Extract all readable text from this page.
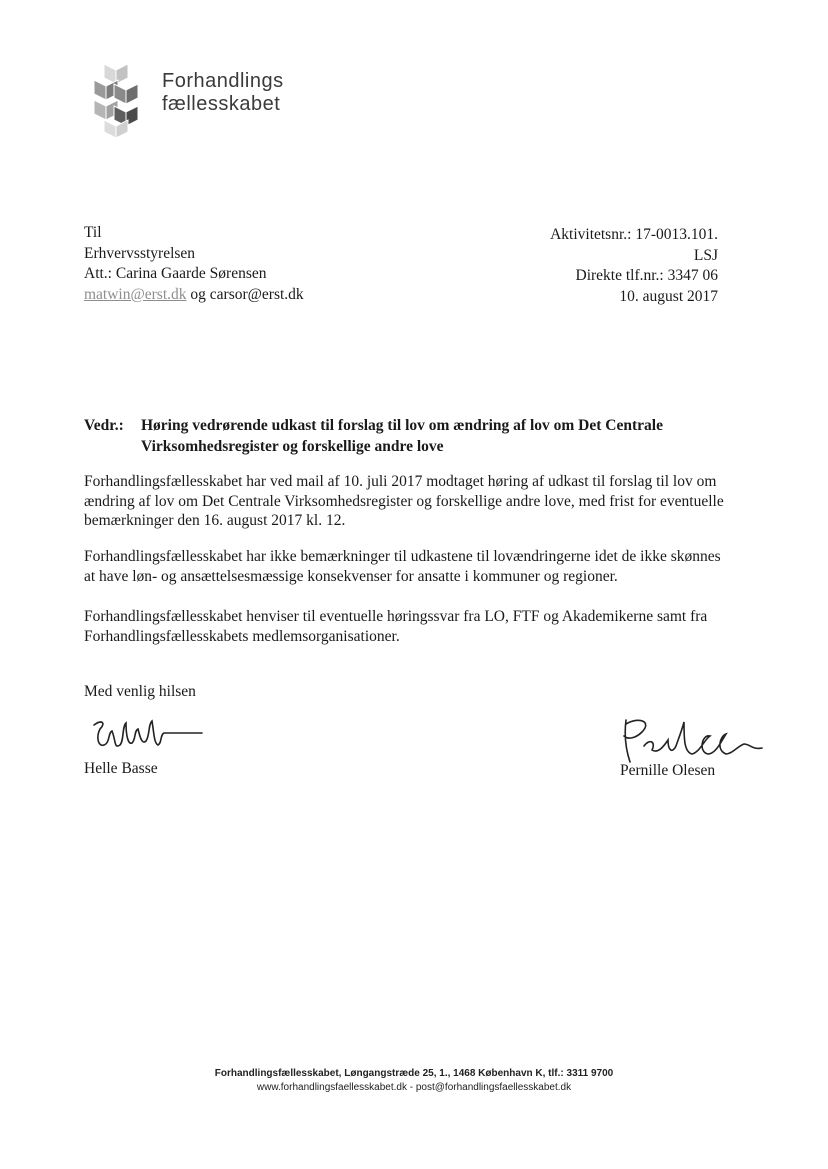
Forhandlings
fællesskabet
Til
Erhvervsstyrelsen
Att.: Carina Gaarde Sørensen
matwin@erst.dk og carsor@erst.dk
Aktivitetsnr.: 17-0013.101.
LSJ
Direkte tlf.nr.: 3347 06
10. august 2017
Vedr.: Høring vedrørende udkast til forslag til lov om ændring af lov om Det Centrale Virksomhedsregister og forskellige andre love
Forhandlingsfællesskabet har ved mail af 10. juli 2017 modtaget høring af udkast til forslag til lov om ændring af lov om Det Centrale Virksomhedsregister og forskellige andre love, med frist for eventuelle bemærkninger den 16. august 2017 kl. 12.
Forhandlingsfællesskabet har ikke bemærkninger til udkastene til lovændringerne idet de ikke skønnes at have løn- og ansættelsesmæssige konsekvenser for ansatte i kommuner og regioner.
Forhandlingsfællesskabet henviser til eventuelle høringssvar fra LO, FTF og Akademikerne samt fra Forhandlingsfællesskabets medlemsorganisationer.
Med venlig hilsen
Helle Basse	Pernille Olesen
Forhandlingsfællesskabet, Løngangstræde 25, 1., 1468 København K, tlf.: 3311 9700
www.forhandlingsfaellesskabet.dk - post@forhandlingsfaellesskabet.dk
